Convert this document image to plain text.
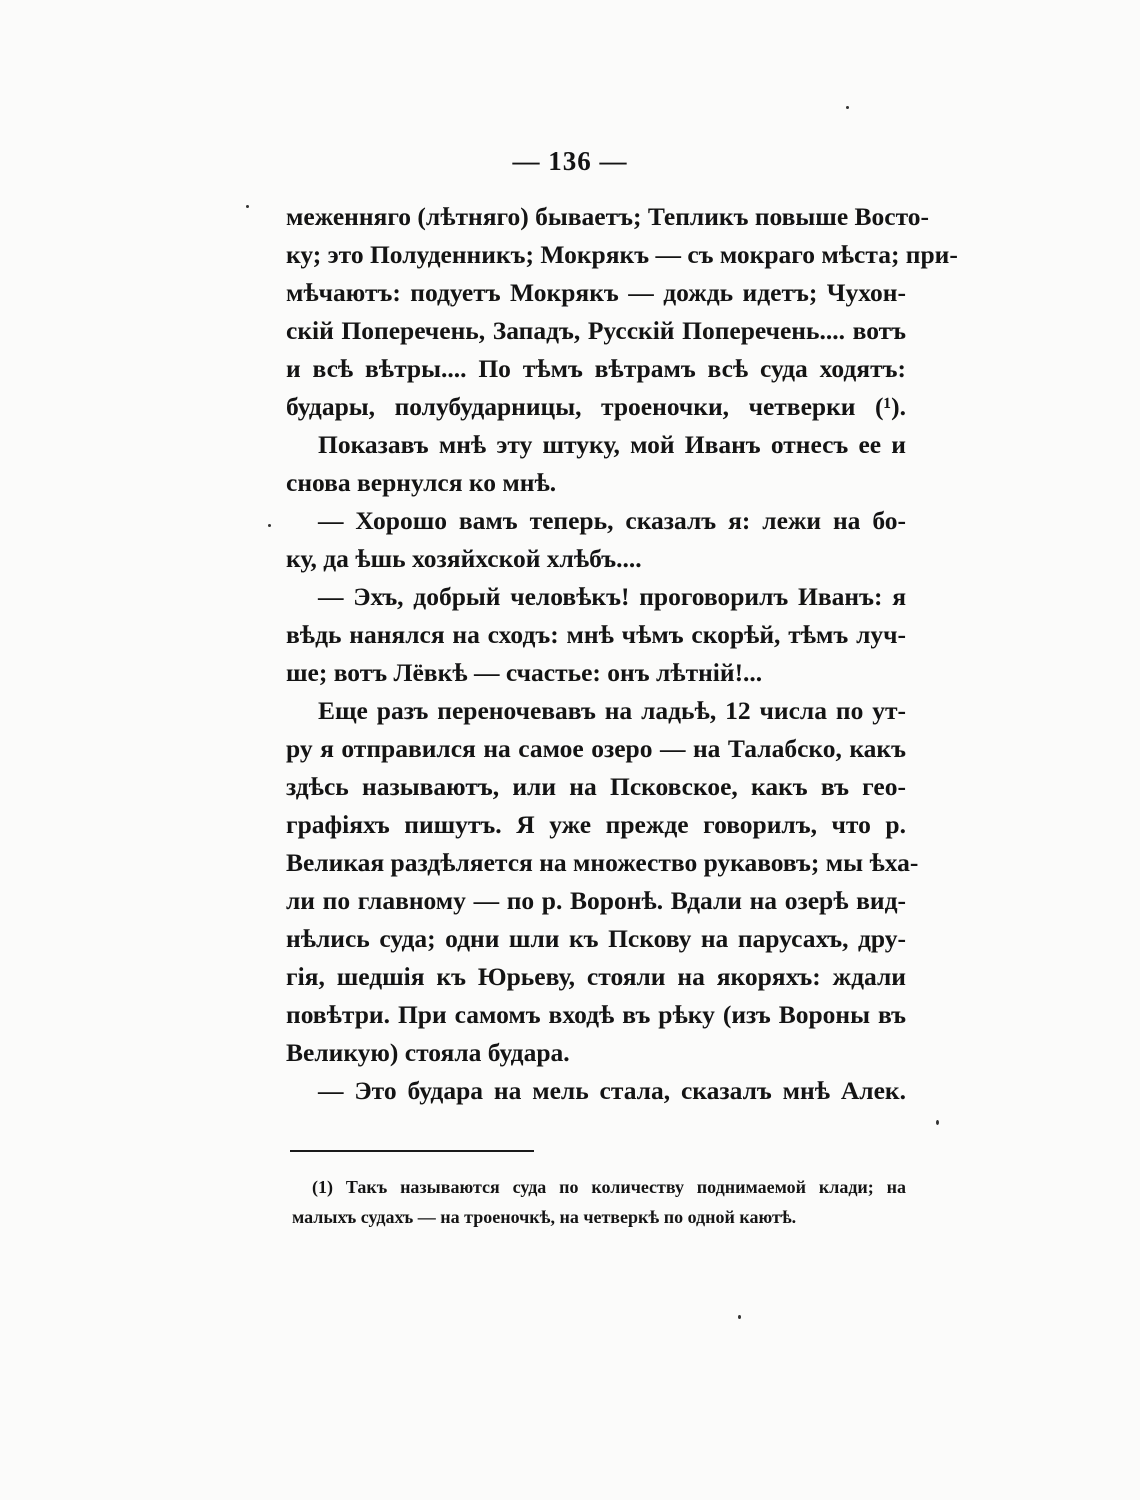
— 136 —
меженняго (лѣтняго) бываетъ; Тепликъ повыше Восто-
ку; это Полуденникъ; Мокрякъ — съ мокраго мѣста; при-
мѣчаютъ: подуетъ Мокрякъ — дождь идетъ; Чухон-
скій Поперечень, Западъ, Русскій Поперечень.... вотъ
и всѣ вѣтры.... По тѣмъ вѣтрамъ всѣ суда ходятъ:
будары, полубударницы, троеночки, четверки (¹).
Показавъ мнѣ эту штуку, мой Иванъ отнесъ ее и
снова вернулся ко мнѣ.
— Хорошо вамъ теперь, сказалъ я: лежи на бо-
ку, да ѣшь хозяйхской хлѣбъ....
— Эхъ, добрый человѣкъ! проговорилъ Иванъ: я
вѣдь нанялся на сходъ: мнѣ чѣмъ скорѣй, тѣмъ луч-
ше; вотъ Лёвкѣ — счастье: онъ лѣтній!...
Еще разъ переночевавъ на ладьѣ, 12 числа по ут-
ру я отправился на самое озеро — на Талабско, какъ
здѣсь называютъ, или на Псковское, какъ въ гео-
графіяхъ пишутъ. Я уже прежде говорилъ, что р.
Великая раздѣляется на множество рукавовъ; мы ѣха-
ли по главному — по р. Воронѣ. Вдали на озерѣ вид-
нѣлись суда; одни шли къ Пскову на парусахъ, дру-
гія, шедшія къ Юрьеву, стояли на якоряхъ: ждали
повѣтри. При самомъ входѣ въ рѣку (изъ Вороны въ
Великую) стояла будара.
— Это будара на мель стала, сказалъ мнѣ Алек.
(1) Такъ называются суда по количеству поднимаемой клади; на
малыхъ судахъ — на троеночкѣ, на четверкѣ по одной каютѣ.
